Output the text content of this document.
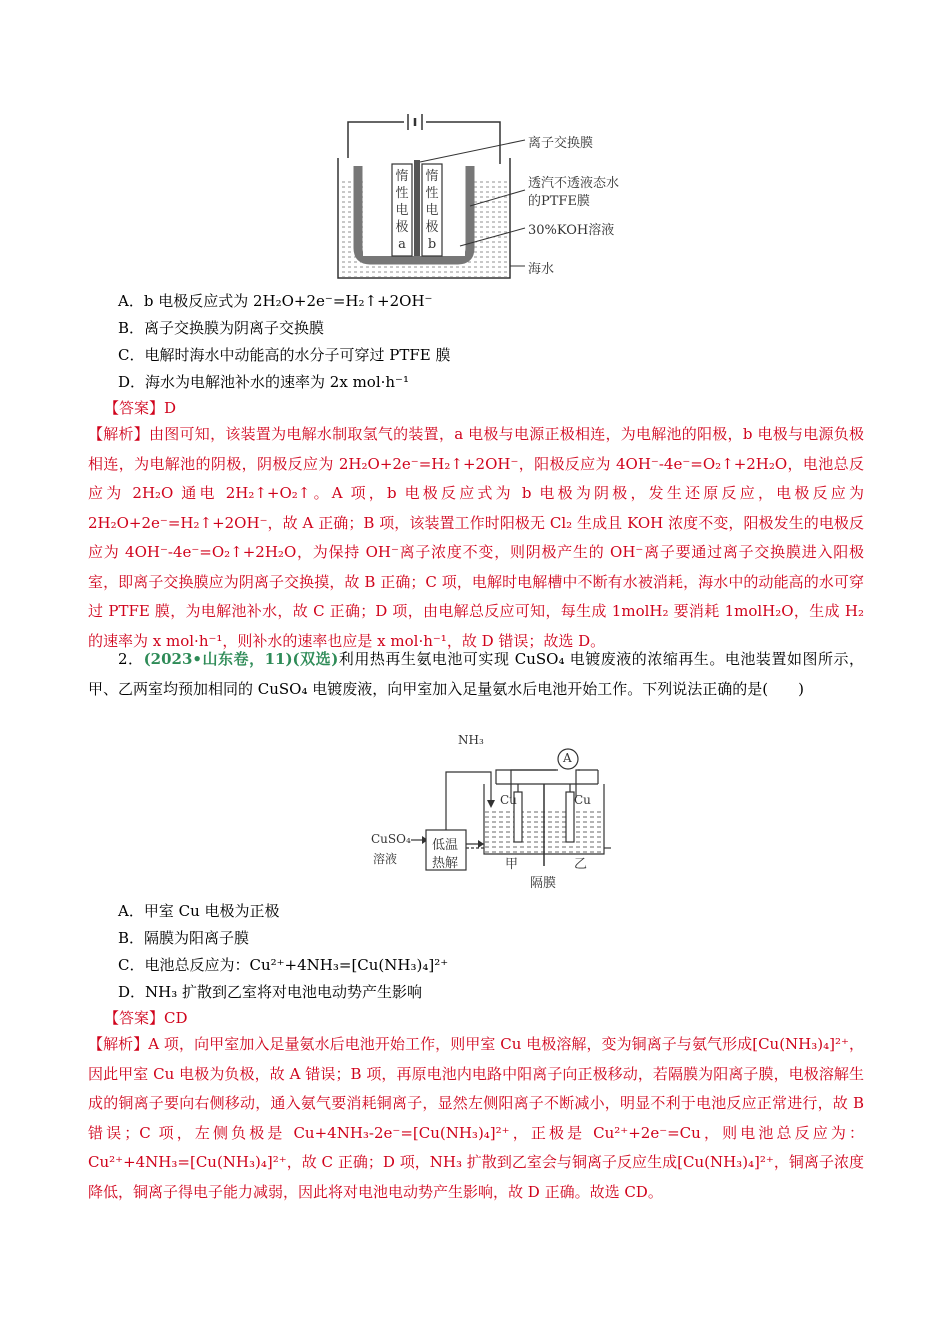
惰
性
电
极
a
惰
性
电
极
b
离子交换膜
透汽不透液态水
的PTFE膜
30%KOH溶液
海水
A．b 电极反应式为 2H₂O+2e⁻=H₂↑+2OH⁻
B．离子交换膜为阴离子交换膜
C．电解时海水中动能高的水分子可穿过 PTFE 膜
D．海水为电解池补水的速率为 2x mol·h⁻¹
【答案】D
【解析】由图可知，该装置为电解水制取氢气的装置，a 电极与电源正极相连，为电解池的阳极，b 电极与电源负极相连，为电解池的阴极，阴极反应为 2H₂O+2e⁻=H₂↑+2OH⁻，阳极反应为 4OH⁻-4e⁻=O₂↑+2H₂O，电池总反应为 2H₂O 通电 2H₂↑+O₂↑。A 项，b 电极反应式为 b 电极为阴极，发生还原反应，电极反应为 2H₂O+2e⁻=H₂↑+2OH⁻，故 A 正确；B 项，该装置工作时阳极无 Cl₂ 生成且 KOH 浓度不变，阳极发生的电极反应为 4OH⁻-4e⁻=O₂↑+2H₂O，为保持 OH⁻离子浓度不变，则阴极产生的 OH⁻离子要通过离子交换膜进入阳极室，即离子交换膜应为阴离子交换摸，故 B 正确；C 项，电解时电解槽中不断有水被消耗，海水中的动能高的水可穿过 PTFE 膜，为电解池补水，故 C 正确；D 项，由电解总反应可知，每生成 1molH₂ 要消耗 1molH₂O，生成 H₂ 的速率为 x mol·h⁻¹，则补水的速率也应是 x mol·h⁻¹，故 D 错误；故选 D。
2．(2023•山东卷，11)(双选)利用热再生氨电池可实现 CuSO₄ 电镀废液的浓缩再生。电池装置如图所示，甲、乙两室均预加相同的 CuSO₄ 电镀废液，向甲室加入足量氨水后电池开始工作。下列说法正确的是(　　)
NH₃
A
Cu	Cu
CuSO₄
溶液
低温
热解	甲	乙
隔膜
A．甲室 Cu 电极为正极
B．隔膜为阳离子膜
C．电池总反应为：Cu²⁺+4NH₃=[Cu(NH₃)₄]²⁺
D．NH₃ 扩散到乙室将对电池电动势产生影响
【答案】CD
【解析】A 项，向甲室加入足量氨水后电池开始工作，则甲室 Cu 电极溶解，变为铜离子与氨气形成[Cu(NH₃)₄]²⁺，因此甲室 Cu 电极为负极，故 A 错误；B 项，再原电池内电路中阳离子向正极移动，若隔膜为阳离子膜，电极溶解生成的铜离子要向右侧移动，通入氨气要消耗铜离子，显然左侧阳离子不断减小，明显不利于电池反应正常进行，故 B 错误；C 项，左侧负极是 Cu+4NH₃-2e⁻=[Cu(NH₃)₄]²⁺，正极是 Cu²⁺+2e⁻=Cu，则电池总反应为：Cu²⁺+4NH₃=[Cu(NH₃)₄]²⁺，故 C 正确；D 项，NH₃ 扩散到乙室会与铜离子反应生成[Cu(NH₃)₄]²⁺，铜离子浓度降低，铜离子得电子能力减弱，因此将对电池电动势产生影响，故 D 正确。故选 CD。
